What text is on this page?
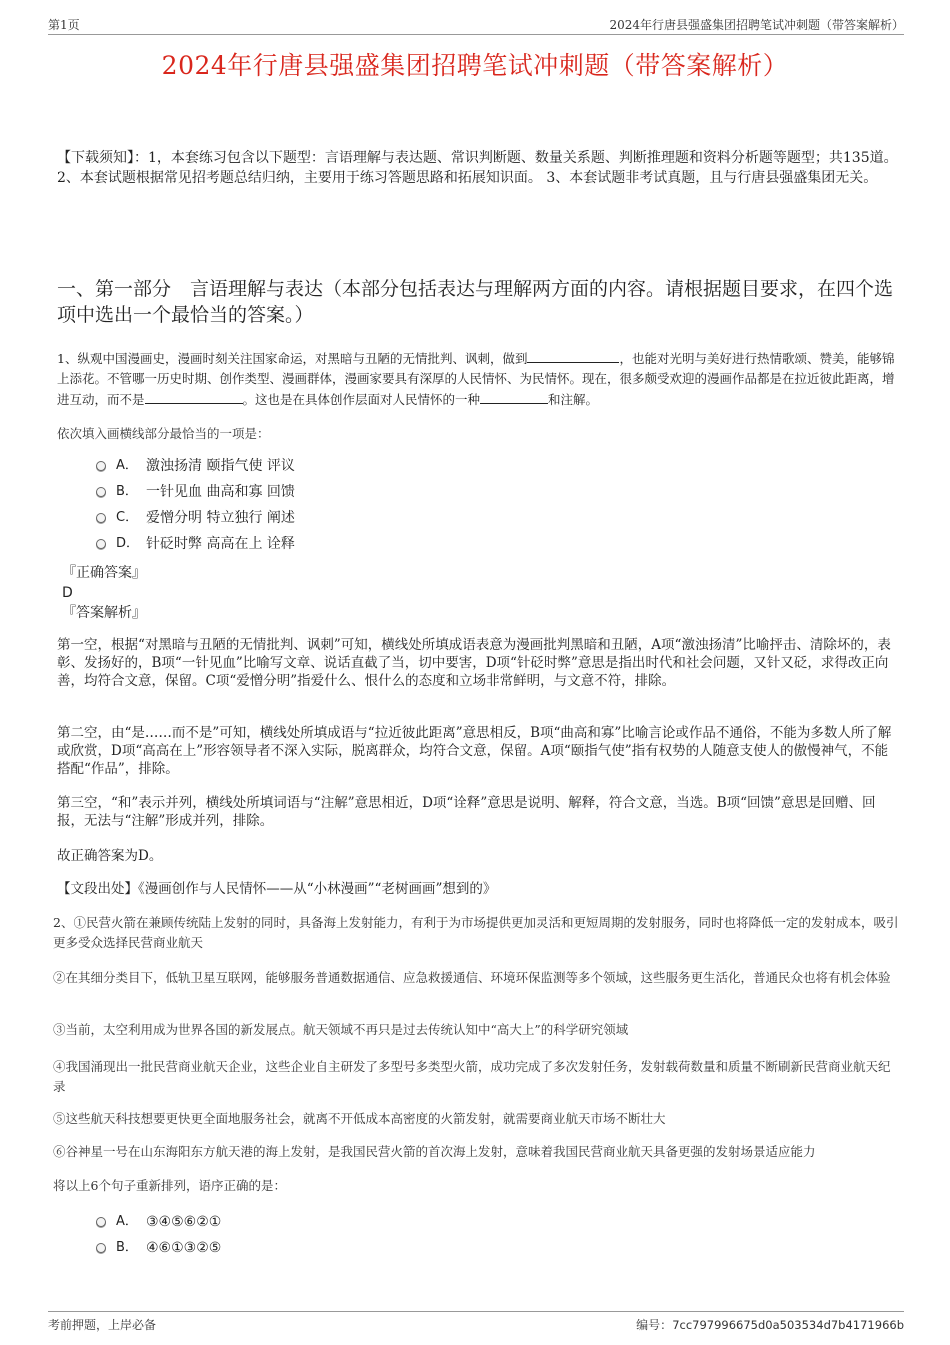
第1页	2024年行唐县强盛集团招聘笔试冲刺题（带答案解析）
2024年行唐县强盛集团招聘笔试冲刺题（带答案解析）
【下载须知】：1，本套练习包含以下题型：言语理解与表达题、常识判断题、数量关系题、判断推理题和资料分析题等题型；共135道。 2、本套试题根据常见招考题总结归纳，主要用于练习答题思路和拓展知识面。 3、本套试题非考试真题，且与行唐县强盛集团无关。
一、第一部分　言语理解与表达（本部分包括表达与理解两方面的内容。请根据题目要求，在四个选项中选出一个最恰当的答案。）
1、纵观中国漫画史，漫画时刻关注国家命运，对黑暗与丑陋的无情批判、讽刺，做到	，也能对光明与美好进行热情歌颂、赞美，能够锦上添花。不管哪一历史时期、创作类型、漫画群体，漫画家要具有深厚的人民情怀、为民情怀。现在，很多颇受欢迎的漫画作品都是在拉近彼此距离，增进互动，而不是	。这也是在具体创作层面对人民情怀的一种	和注解。
依次填入画横线部分最恰当的一项是：
A． 激浊扬清 颐指气使 评议
B． 一针见血 曲高和寡 回馈
C． 爱憎分明 特立独行 阐述
D． 针砭时弊 高高在上 诠释
『正确答案』
D
『答案解析』
第一空，根据“对黑暗与丑陋的无情批判、讽刺”可知，横线处所填成语表意为漫画批判黑暗和丑陋，A项“激浊扬清”比喻抨击、清除坏的，表彰、发扬好的，B项“一针见血”比喻写文章、说话直截了当，切中要害，D项“针砭时弊”意思是指出时代和社会问题，又针又砭，求得改正向善，均符合文意，保留。C项“爱憎分明”指爱什么、恨什么的态度和立场非常鲜明，与文意不符，排除。
第二空，由“是……而不是”可知，横线处所填成语与“拉近彼此距离”意思相反，B项“曲高和寡”比喻言论或作品不通俗，不能为多数人所了解或欣赏，D项“高高在上”形容领导者不深入实际，脱离群众，均符合文意，保留。A项“颐指气使”指有权势的人随意支使人的傲慢神气，不能搭配“作品”，排除。
第三空，“和”表示并列，横线处所填词语与“注解”意思相近，D项“诠释”意思是说明、解释，符合文意，当选。B项“回馈”意思是回赠、回报，无法与“注解”形成并列，排除。
故正确答案为D。
【文段出处】《漫画创作与人民情怀——从“小林漫画”“老树画画”想到的》
2、①民营火箭在兼顾传统陆上发射的同时，具备海上发射能力，有利于为市场提供更加灵活和更短周期的发射服务，同时也将降低一定的发射成本，吸引更多受众选择民营商业航天
②在其细分类目下，低轨卫星互联网，能够服务普通数据通信、应急救援通信、环境环保监测等多个领域，这些服务更生活化，普通民众也将有机会体验
③当前，太空利用成为世界各国的新发展点。航天领域不再只是过去传统认知中“高大上”的科学研究领域
④我国涌现出一批民营商业航天企业，这些企业自主研发了多型号多类型火箭，成功完成了多次发射任务，发射载荷数量和质量不断刷新民营商业航天纪录
⑤这些航天科技想要更快更全面地服务社会，就离不开低成本高密度的火箭发射，就需要商业航天市场不断壮大
⑥谷神星一号在山东海阳东方航天港的海上发射，是我国民营火箭的首次海上发射，意味着我国民营商业航天具备更强的发射场景适应能力
将以上6个句子重新排列，语序正确的是：
A． ③④⑤⑥②①
B． ④⑥①③②⑤
考前押题，上岸必备	编号：7cc797996675d0a503534d7b4171966b
